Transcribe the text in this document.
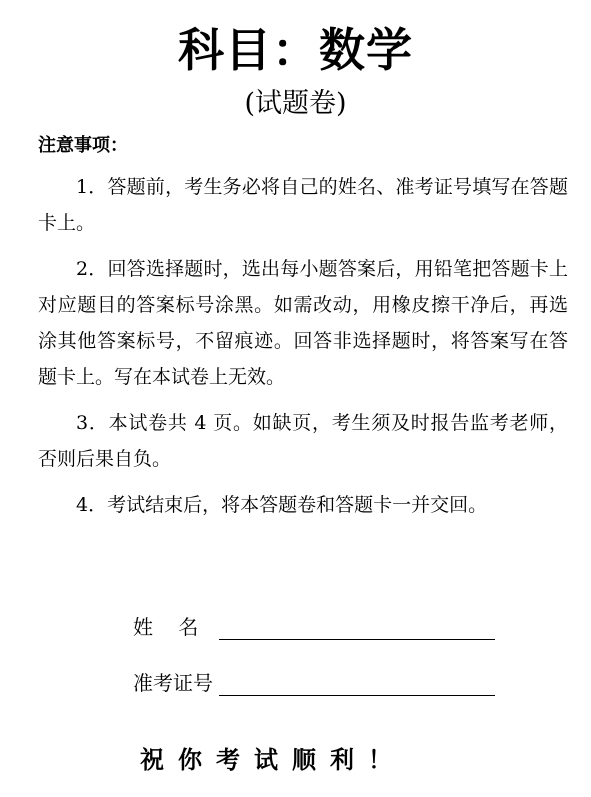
科目：数学
(试题卷)
注意事项：

1．答题前，考生务必将自己的姓名、准考证号填写在答题卡上。

2．回答选择题时，选出每小题答案后，用铅笔把答题卡上对应题目的答案标号涂黑。如需改动，用橡皮擦干净后，再选涂其他答案标号，不留痕迹。回答非选择题时，将答案写在答题卡上。写在本试卷上无效。

3．本试卷共 4 页。如缺页，考生须及时报告监考老师，否则后果自负。

4．考试结束后，将本答题卷和答题卡一并交回。

姓    名
准考证号
祝你考试顺利！
